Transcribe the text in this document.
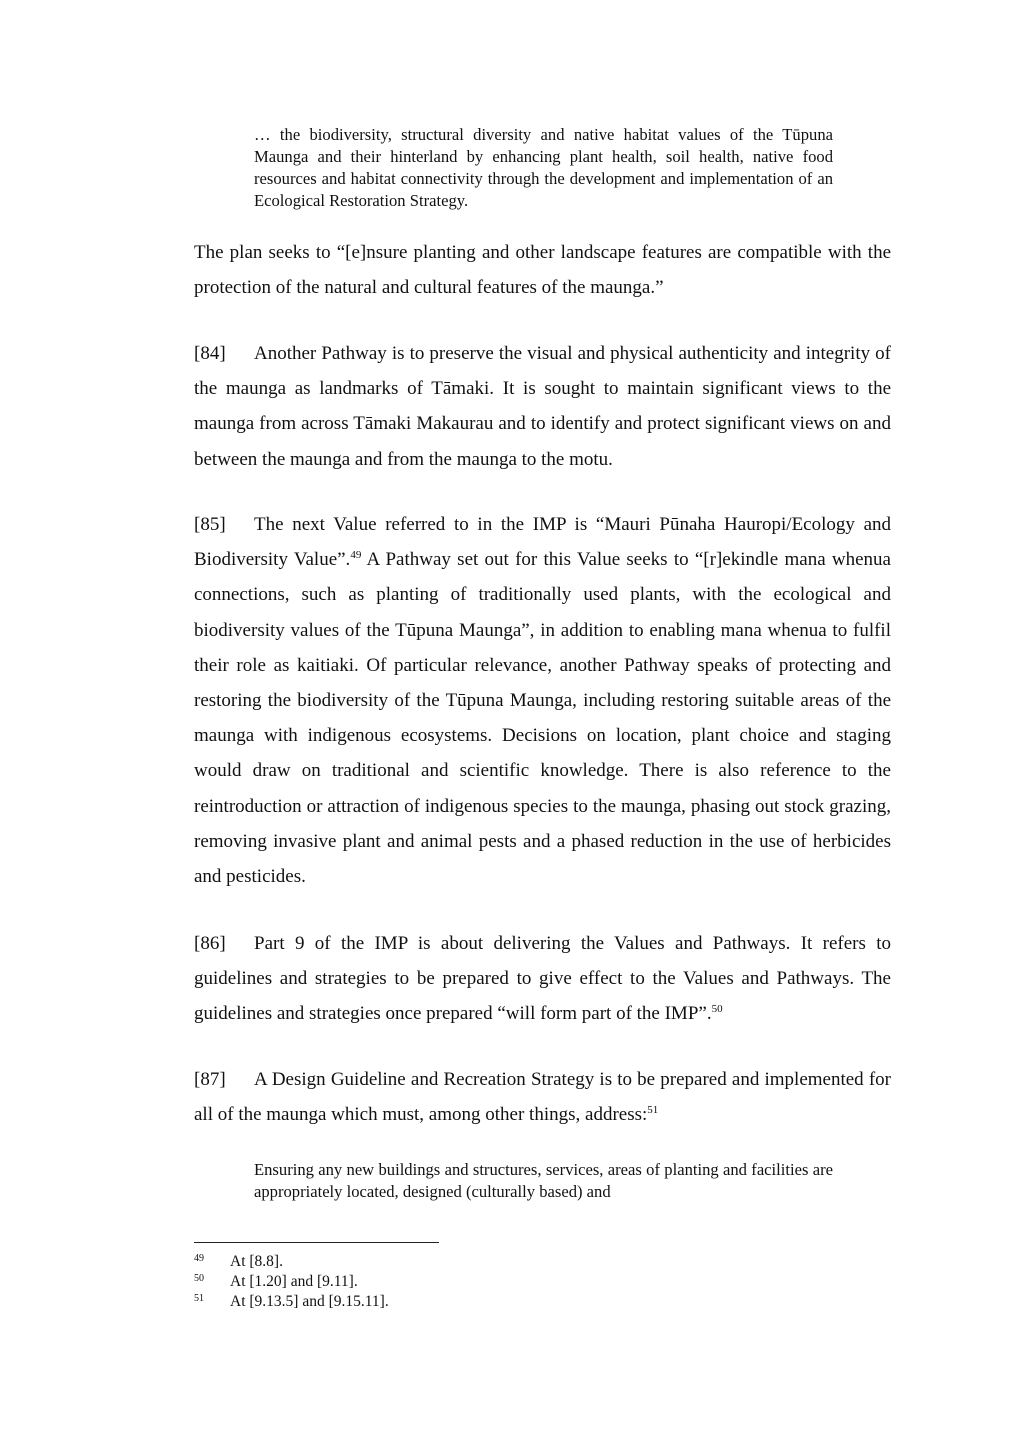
… the biodiversity, structural diversity and native habitat values of the Tūpuna Maunga and their hinterland by enhancing plant health, soil health, native food resources and habitat connectivity through the development and implementation of an Ecological Restoration Strategy.

The plan seeks to “[e]nsure planting and other landscape features are compatible with the protection of the natural and cultural features of the maunga.”

[84] Another Pathway is to preserve the visual and physical authenticity and integrity of the maunga as landmarks of Tāmaki. It is sought to maintain significant views to the maunga from across Tāmaki Makaurau and to identify and protect significant views on and between the maunga and from the maunga to the motu.

[85] The next Value referred to in the IMP is “Mauri Pūnaha Hauropi/Ecology and Biodiversity Value”.$^{49}$ A Pathway set out for this Value seeks to “[r]ekindle mana whenua connections, such as planting of traditionally used plants, with the ecological and biodiversity values of the Tūpuna Maunga”, in addition to enabling mana whenua to fulfil their role as kaitiaki. Of particular relevance, another Pathway speaks of protecting and restoring the biodiversity of the Tūpuna Maunga, including restoring suitable areas of the maunga with indigenous ecosystems. Decisions on location, plant choice and staging would draw on traditional and scientific knowledge. There is also reference to the reintroduction or attraction of indigenous species to the maunga, phasing out stock grazing, removing invasive plant and animal pests and a phased reduction in the use of herbicides and pesticides.

[86] Part 9 of the IMP is about delivering the Values and Pathways. It refers to guidelines and strategies to be prepared to give effect to the Values and Pathways. The guidelines and strategies once prepared “will form part of the IMP”.$^{50}$

[87] A Design Guideline and Recreation Strategy is to be prepared and implemented for all of the maunga which must, among other things, address:$^{51}$

Ensuring any new buildings and structures, services, areas of planting and facilities are appropriately located, designed (culturally based) and

49 At [8.8].
50 At [1.20] and [9.11].
51 At [9.13.5] and [9.15.11].
